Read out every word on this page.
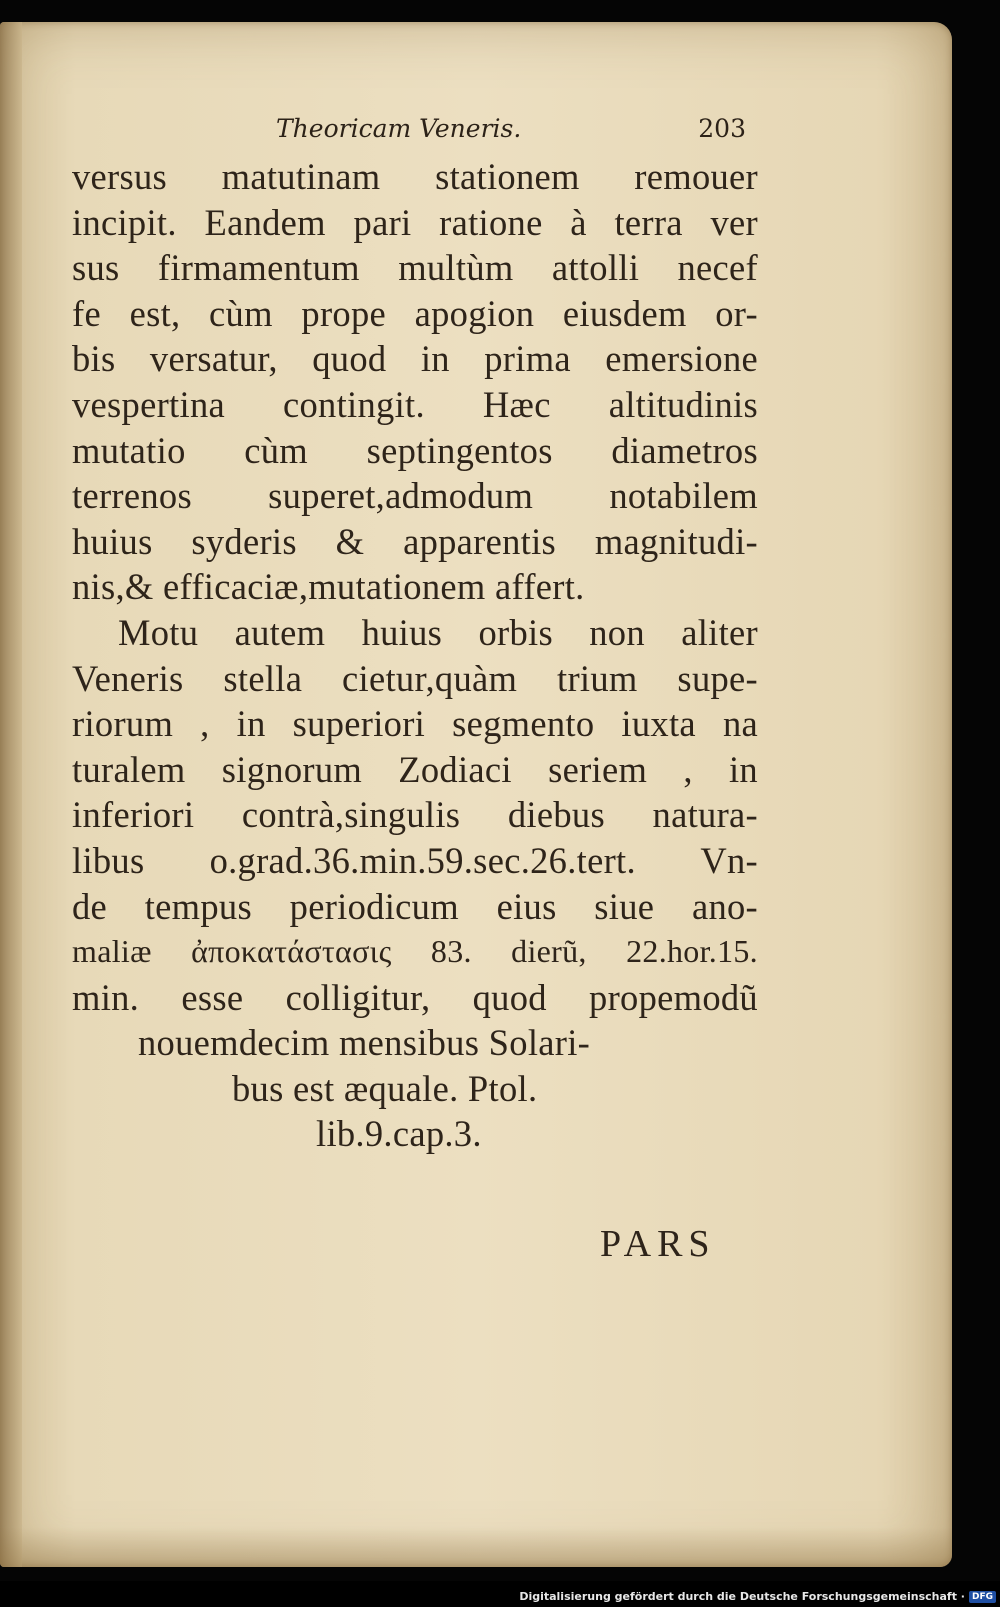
Theoricam Veneris.	203
versus matutinam stationem remouer
incipit. Eandem pari ratione à terra ver
sus firmamentum multùm attolli necef
fe est, cùm prope apogion eiusdem or-
bis versatur, quod in prima emersione
vespertina contingit. Hæc altitudinis
mutatio cùm septingentos diametros
terrenos superet,admodum notabilem
huius syderis & apparentis magnitudi-
nis,& efficaciæ,mutationem affert.
Motu autem huius orbis non aliter
Veneris stella cietur,quàm trium supe-
riorum , in superiori segmento iuxta na
turalem signorum Zodiaci seriem , in
inferiori contrà,singulis diebus natura-
libus o.grad.36.min.59.sec.26.tert. Vn-
de tempus periodicum eius siue ano-
maliæ ἀποκατάστασις 83. dierũ, 22.hor.15.
min. esse colligitur, quod propemodũ
nouemdecim mensibus Solari-
bus est æquale. Ptol.
lib.9.cap.3.
PARS
Digitalisierung gefördert durch die Deutsche Forschungsgemeinschaft · DFG
